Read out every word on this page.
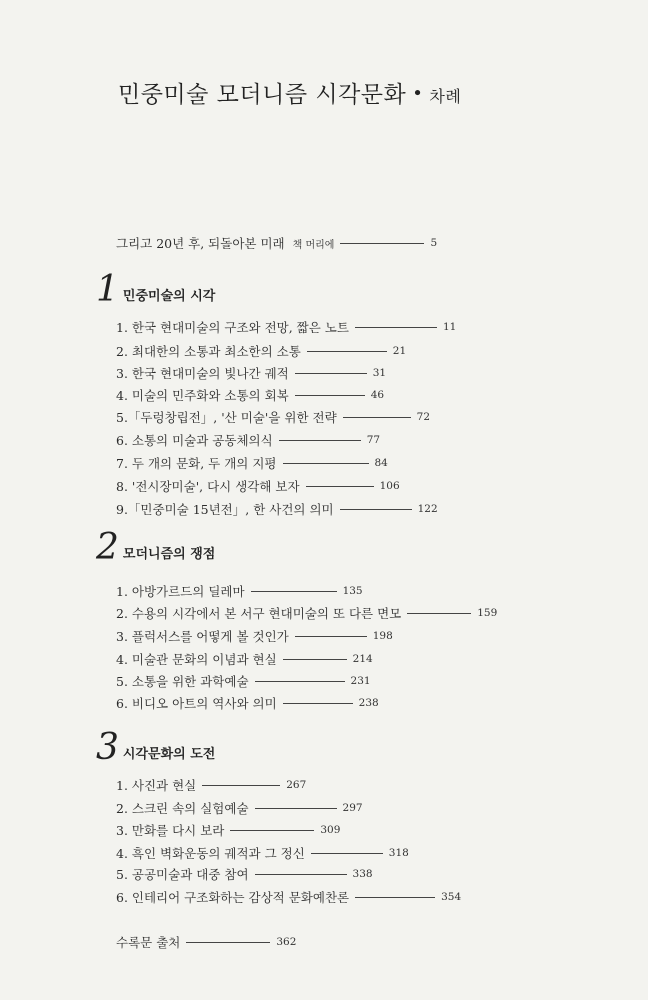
민중미술 모더니즘 시각문화 • 차례
그리고 20년 후, 되돌아본 미래 책 머리에	5
1 민중미술의 시각
1. 한국 현대미술의 구조와 전망, 짧은 노트	11
2. 최대한의 소통과 최소한의 소통	21
3. 한국 현대미술의 빛나간 궤적	31
4. 미술의 민주화와 소통의 회복	46
5.「두렁창립전」, '산 미술'을 위한 전략	72
6. 소통의 미술과 공동체의식	77
7. 두 개의 문화, 두 개의 지평	84
8. '전시장미술', 다시 생각해 보자	106
9.「민중미술 15년전」, 한 사건의 의미	122
2 모더니즘의 쟁점
1. 아방가르드의 딜레마	135
2. 수용의 시각에서 본 서구 현대미술의 또 다른 면모	159
3. 플럭서스를 어떻게 볼 것인가	198
4. 미술관 문화의 이념과 현실	214
5. 소통을 위한 과학예술	231
6. 비디오 아트의 역사와 의미	238
3 시각문화의 도전
1. 사진과 현실	267
2. 스크린 속의 실험예술	297
3. 만화를 다시 보라	309
4. 흑인 벽화운동의 궤적과 그 정신	318
5. 공공미술과 대중 참여	338
6. 인테리어 구조화하는 감상적 문화예찬론	354
수록문 출처	362
